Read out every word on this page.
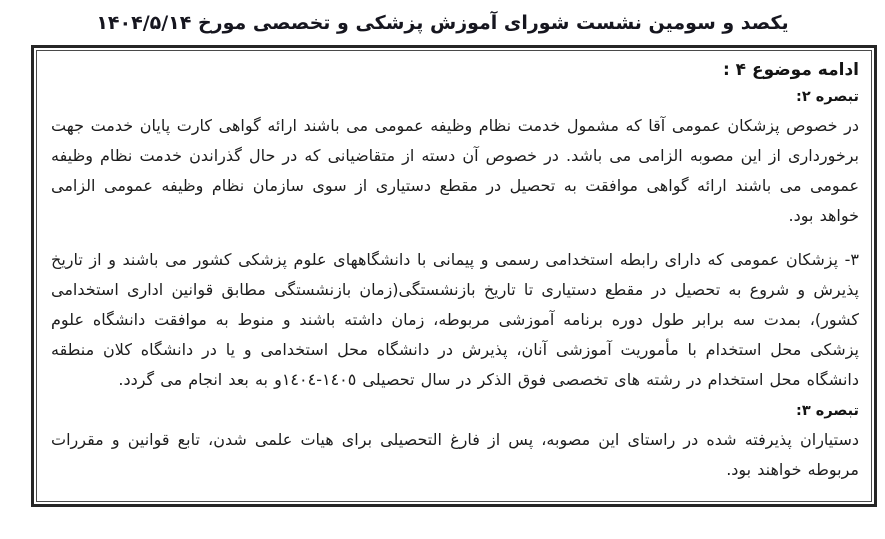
یکصد و سومین نشست شورای آموزش پزشکی و تخصصی مورخ ۱۴۰۴/۵/۱۴
ادامه موضوع ۴ :
تبصره ۲:

در خصوص پزشکان عمومی آقا که مشمول خدمت نظام وظیفه عمومی می باشند ارائه گواهی کارت پایان خدمت جهت برخورداری از این مصوبه الزامی می باشد. در خصوص آن دسته از متقاضیانی که در حال گذراندن خدمت نظام وظیفه عمومی می باشند ارائه گواهی موافقت به تحصیل در مقطع دستیاری از سوی سازمان نظام وظیفه عمومی الزامی خواهد بود.

۳- پزشکان عمومی که دارای رابطه استخدامی رسمی و پیمانی با دانشگاههای علوم پزشکی کشور می باشند و از تاریخ پذیرش و شروع به تحصیل در مقطع دستیاری تا تاریخ بازنشستگی(زمان بازنشستگی مطابق قوانین اداری استخدامی کشور)، بمدت سه برابر طول دوره برنامه آموزشی مربوطه، زمان داشته باشند و منوط به موافقت دانشگاه علوم پزشکی محل استخدام با مأموریت آموزشی آنان، پذیرش در دانشگاه محل استخدامی و یا در دانشگاه کلان منطقه دانشگاه محل استخدام در رشته های تخصصی فوق الذکر در سال تحصیلی ١٤٠٥-١٤٠٤و به بعد انجام می گردد.

تبصره ۳:

دستیاران پذیرفته شده در راستای این مصوبه، پس از فارغ التحصیلی برای هیات علمی شدن، تابع قوانین و مقررات مربوطه خواهند بود.
